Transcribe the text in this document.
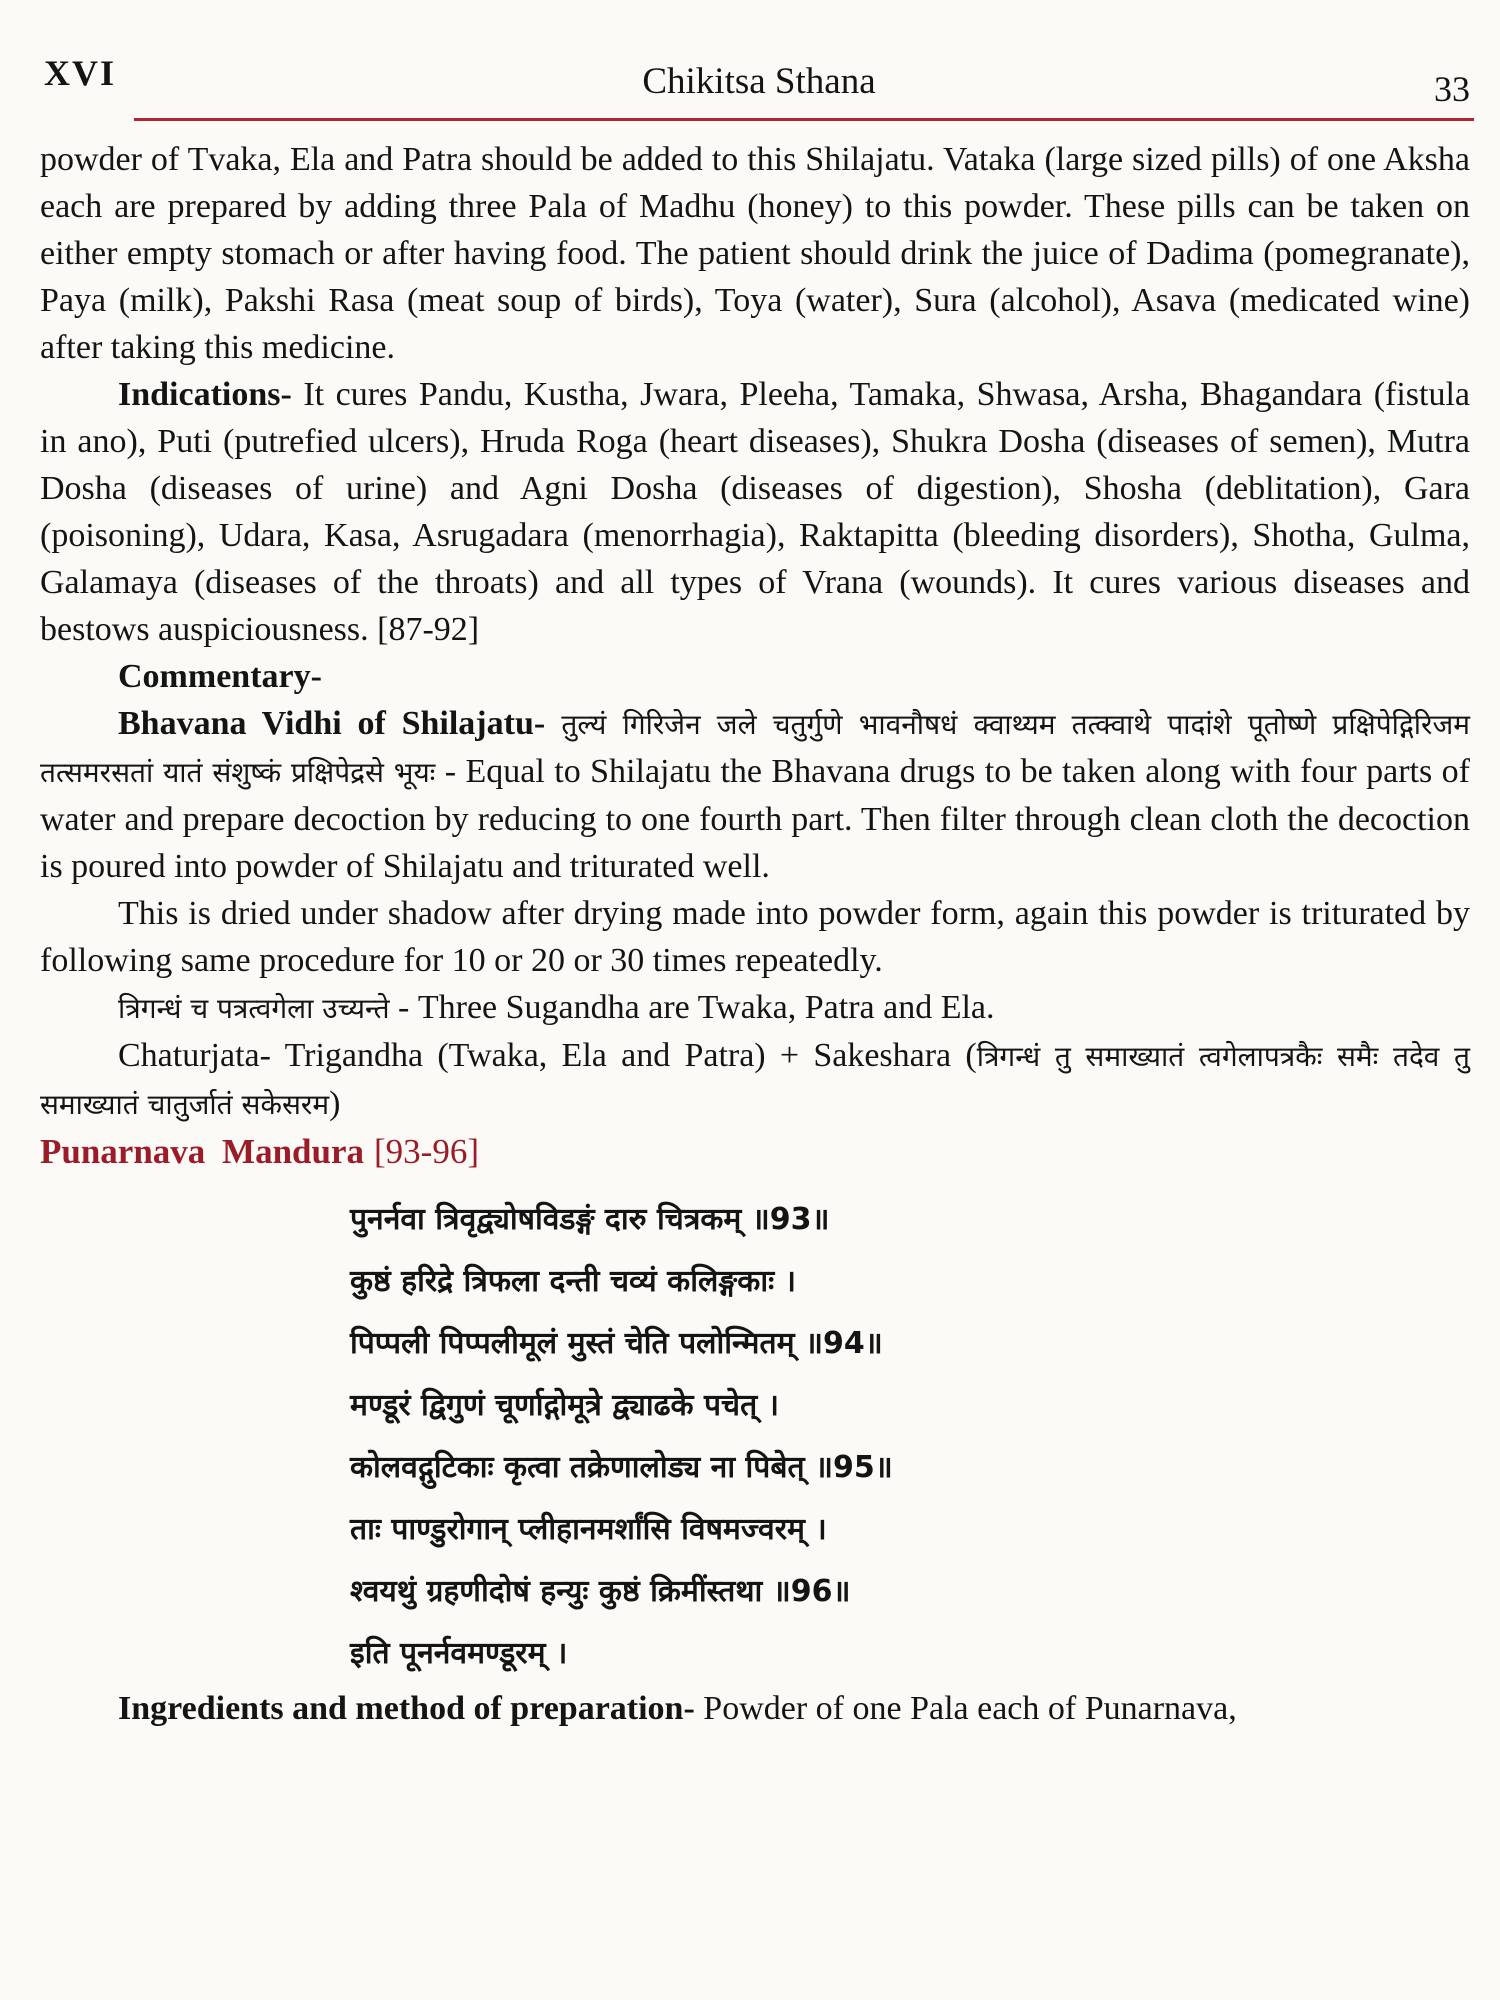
XVI	Chikitsa Sthana	33

powder of Tvaka, Ela and Patra should be added to this Shilajatu. Vataka (large sized pills) of one Aksha each are prepared by adding three Pala of Madhu (honey) to this powder. These pills can be taken on either empty stomach or after having food. The patient should drink the juice of Dadima (pomegranate), Paya (milk), Pakshi Rasa (meat soup of birds), Toya (water), Sura (alcohol), Asava (medicated wine) after taking this medicine.

Indications- It cures Pandu, Kustha, Jwara, Pleeha, Tamaka, Shwasa, Arsha, Bhagandara (fistula in ano), Puti (putrefied ulcers), Hruda Roga (heart diseases), Shukra Dosha (diseases of semen), Mutra Dosha (diseases of urine) and Agni Dosha (diseases of digestion), Shosha (deblitation), Gara (poisoning), Udara, Kasa, Asrugadara (menorrhagia), Raktapitta (bleeding disorders), Shotha, Gulma, Galamaya (diseases of the throats) and all types of Vrana (wounds). It cures various diseases and bestows auspiciousness. [87-92]

Commentary-

Bhavana Vidhi of Shilajatu- तुल्यं गिरिजेन जले चतुर्गुणे भावनौषधं क्वाथ्यम तत्क्वाथे पादांशे पूतोष्णे प्रक्षिपेद्गिरिजम तत्समरसतां यातं संशुष्कं प्रक्षिपेद्रसे भूयः - Equal to Shilajatu the Bhavana drugs to be taken along with four parts of water and prepare decoction by reducing to one fourth part. Then filter through clean cloth the decoction is poured into powder of Shilajatu and triturated well.

This is dried under shadow after drying made into powder form, again this powder is triturated by following same procedure for 10 or 20 or 30 times repeatedly.

त्रिगन्धं च पत्रत्वगेला उच्यन्ते - Three Sugandha are Twaka, Patra and Ela.

Chaturjata- Trigandha (Twaka, Ela and Patra) + Sakeshara (त्रिगन्धं तु समाख्यातं त्वगेलापत्रकैः समैः तदेव तु समाख्यातं चातुर्जातं सकेसरम)

Punarnava Mandura [93-96]

पुनर्नवा त्रिवृद्व्योषविडङ्गं दारु चित्रकम् ॥93॥
कुष्ठं हरिद्रे त्रिफला दन्ती चव्यं कलिङ्गकाः ।
पिप्पली पिप्पलीमूलं मुस्तं चेति पलोन्मितम् ॥94॥
मण्डूरं द्विगुणं चूर्णाद्गोमूत्रे द्व्याढके पचेत् ।
कोलवद्गुटिकाः कृत्वा तक्रेणालोड्य ना पिबेत् ॥95॥
ताः पाण्डुरोगान् प्लीहानमर्शांसि विषमज्वरम् ।
श्वयथुं ग्रहणीदोषं हन्युः कुष्ठं क्रिमींस्तथा ॥96॥
इति पूनर्नवमण्डूरम् ।

Ingredients and method of preparation- Powder of one Pala each of Punarnava,
